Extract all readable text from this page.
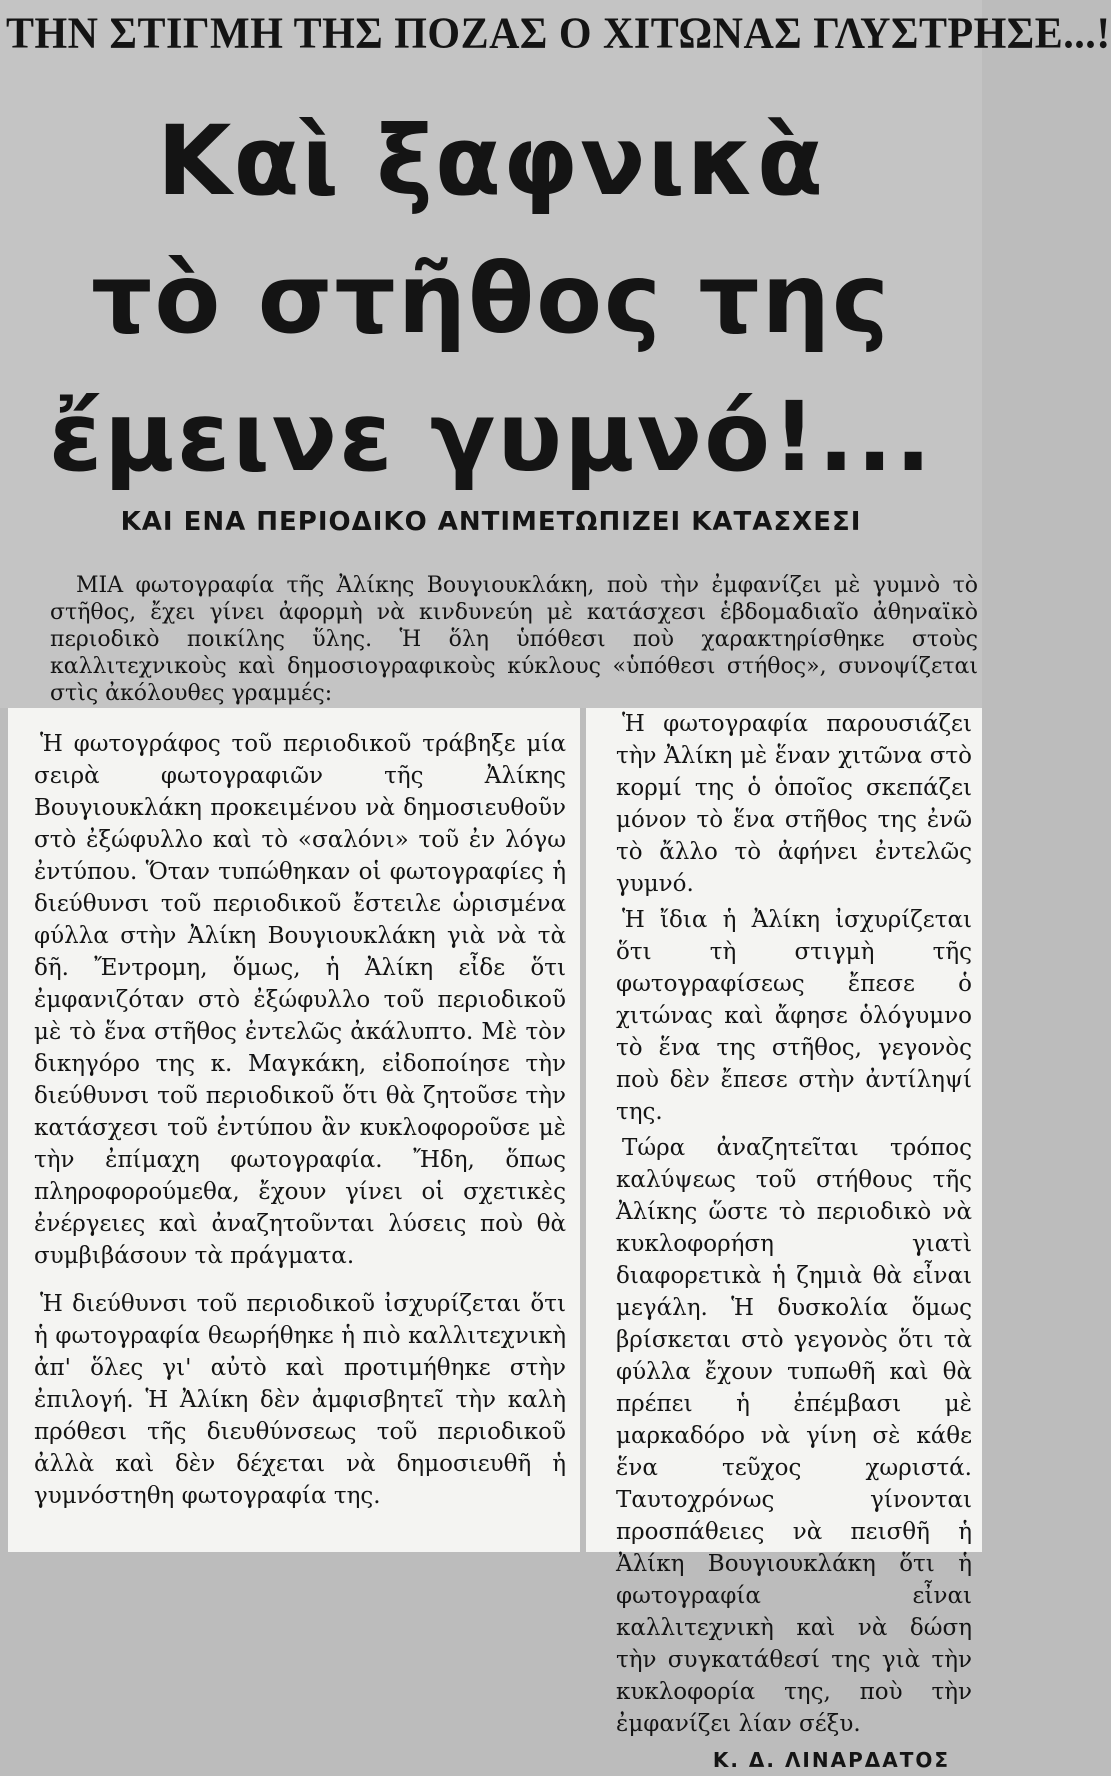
ΤΗΝ ΣΤΙΓΜΗ ΤΗΣ ΠΟΖΑΣ Ο ΧΙΤΩΝΑΣ ΓΛΥΣΤΡΗΣΕ...!
Καὶ ξαφνικὰ
τὸ στῆθος της
ἔμεινε γυμνό!...
ΚΑΙ ΕΝΑ ΠΕΡΙΟΔΙΚΟ ΑΝΤΙΜΕΤΩΠΙΖΕΙ ΚΑΤΑΣΧΕΣΙ
ΜΙΑ φωτογραφία τῆς Ἀλίκης Βουγιουκλάκη, ποὺ τὴν ἐμφανίζει μὲ γυμνὸ τὸ στῆθος, ἔχει γίνει ἀφορμὴ νὰ κινδυνεύη μὲ κατάσχεσι ἑβδομαδιαῖο ἀθηναϊκὸ περιοδικὸ ποικίλης ὕλης. Ἡ ὅλη ὑπόθεσι ποὺ χαρακτηρίσθηκε στοὺς καλλιτεχνικοὺς καὶ δημοσιογραφικοὺς κύκλους «ὑπόθεσι στήθος», συνοψίζεται στὶς ἀκόλουθες γραμμές:

Ἡ φωτογράφος τοῦ περιοδικοῦ τράβηξε μία σειρὰ φωτογραφιῶν τῆς Ἀλίκης Βουγιουκλάκη προκειμένου νὰ δημοσιευθοῦν στὸ ἐξώφυλλο καὶ τὸ «σαλόνι» τοῦ ἐν λόγω ἐντύπου. Ὅταν τυπώθηκαν οἱ φωτογραφίες ἡ διεύθυνσι τοῦ περιοδικοῦ ἔστειλε ὡρισμένα φύλλα στὴν Ἀλίκη Βουγιουκλάκη γιὰ νὰ τὰ δῆ. Ἔντρομη, ὅμως, ἡ Ἀλίκη εἶδε ὅτι ἐμφανιζόταν στὸ ἐξώφυλλο τοῦ περιοδικοῦ μὲ τὸ ἕνα στῆθος ἐντελῶς ἀκάλυπτο. Μὲ τὸν δικηγόρο της κ. Μαγκάκη, εἰδοποίησε τὴν διεύθυνσι τοῦ περιοδικοῦ ὅτι θὰ ζητοῦσε τὴν κατάσχεσι τοῦ ἐντύπου ἂν κυκλοφοροῦσε μὲ τὴν ἐπίμαχη φωτογραφία. Ἤδη, ὅπως πληροφορούμεθα, ἔχουν γίνει οἱ σχετικὲς ἐνέργειες καὶ ἀναζητοῦνται λύσεις ποὺ θὰ συμβιβάσουν τὰ πράγματα.

Ἡ διεύθυνσι τοῦ περιοδικοῦ ἰσχυρίζεται ὅτι ἡ φωτογραφία θεωρήθηκε ἡ πιὸ καλλιτεχνικὴ ἀπ' ὅλες γι' αὐτὸ καὶ προτιμήθηκε στὴν ἐπιλογή. Ἡ Ἀλίκη δὲν ἀμφισβητεῖ τὴν καλὴ πρόθεσι τῆς διευθύνσεως τοῦ περιοδικοῦ ἀλλὰ καὶ δὲν δέχεται νὰ δημοσιευθῆ ἡ γυμνόστηθη φωτογραφία της.

Ἡ φωτογραφία παρουσιάζει τὴν Ἀλίκη μὲ ἕναν χιτῶνα στὸ κορμί της ὁ ὁποῖος σκεπάζει μόνον τὸ ἕνα στῆθος της ἐνῶ τὸ ἄλλο τὸ ἀφήνει ἐντελῶς γυμνό.

Ἡ ἴδια ἡ Ἀλίκη ἰσχυρίζεται ὅτι τὴ στιγμὴ τῆς φωτογραφίσεως ἔπεσε ὁ χιτώνας καὶ ἄφησε ὁλόγυμνο τὸ ἕνα της στῆθος, γεγονὸς ποὺ δὲν ἔπεσε στὴν ἀντίληψί της.

Τώρα ἀναζητεῖται τρόπος καλύψεως τοῦ στήθους τῆς Ἀλίκης ὥστε τὸ περιοδικὸ νὰ κυκλοφορήση γιατὶ διαφορετικὰ ἡ ζημιὰ θὰ εἶναι μεγάλη. Ἡ δυσκολία ὅμως βρίσκεται στὸ γεγονὸς ὅτι τὰ φύλλα ἔχουν τυπωθῆ καὶ θὰ πρέπει ἡ ἐπέμβασι μὲ μαρκαδόρο νὰ γίνη σὲ κάθε ἕνα τεῦχος χωριστά. Ταυτοχρόνως γίνονται προσπάθειες νὰ πεισθῆ ἡ Ἀλίκη Βουγιουκλάκη ὅτι ἡ φωτογραφία εἶναι καλλιτεχνικὴ καὶ νὰ δώση τὴν συγκατάθεσί της γιὰ τὴν κυκλοφορία της, ποὺ τὴν ἐμφανίζει λίαν σέξυ.

Κ. Δ. ΛΙΝΑΡΔΑΤΟΣ
